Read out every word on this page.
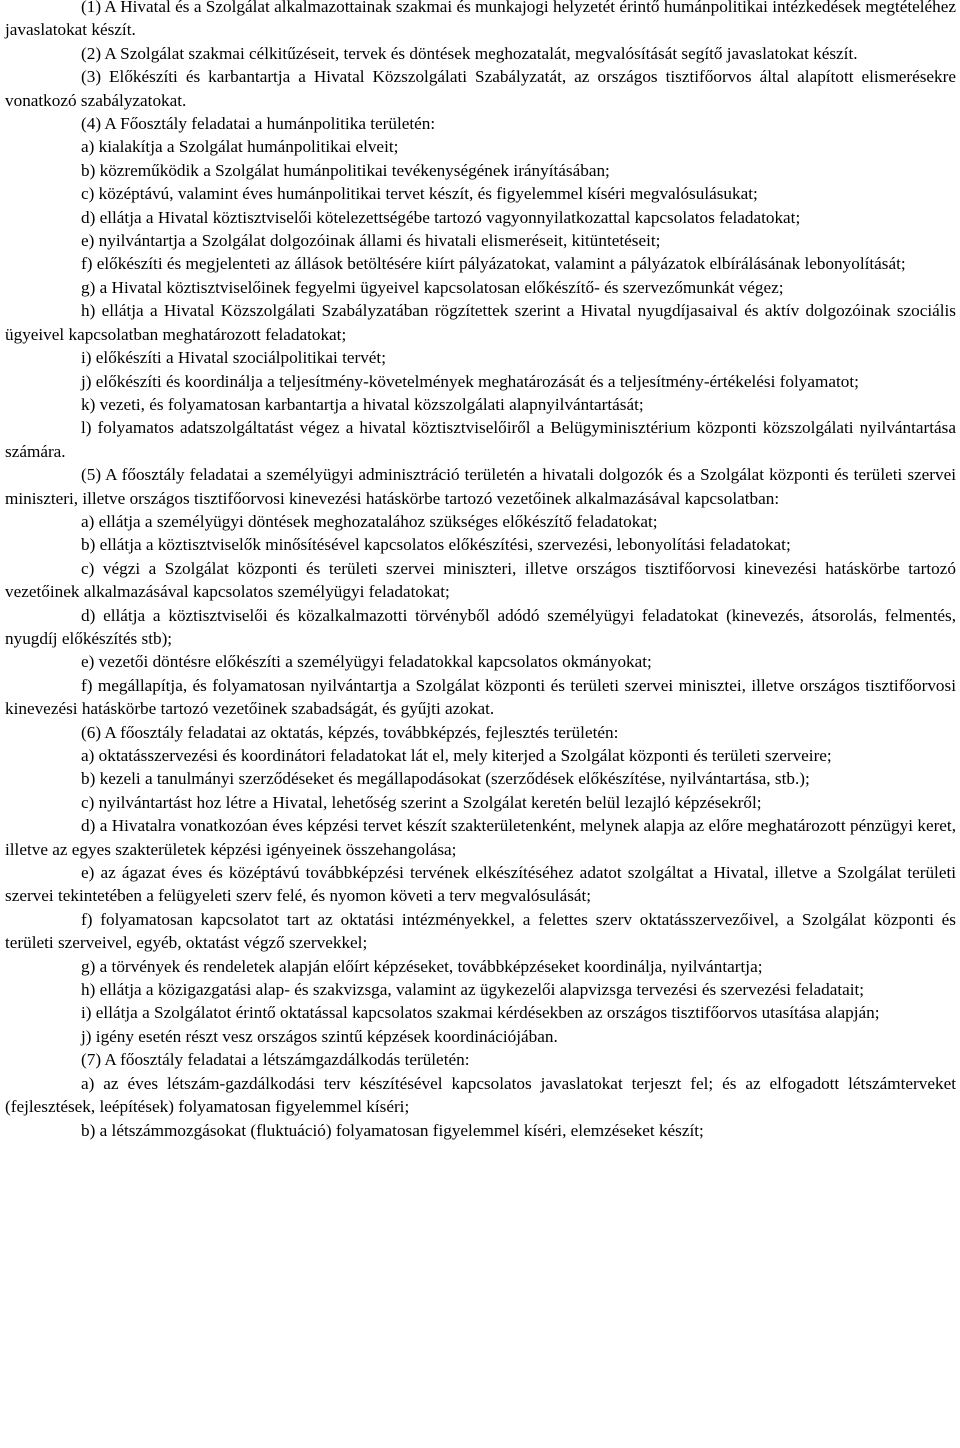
(1) A Hivatal és a Szolgálat alkalmazottainak szakmai és munkajogi helyzetét érintő humánpolitikai intézkedések megtételéhez javaslatokat készít.

(2) A Szolgálat szakmai célkitűzéseit, tervek és döntések meghozatalát, megvalósítását segítő javaslatokat készít.

(3) Előkészíti és karbantartja a Hivatal Közszolgálati Szabályzatát, az országos tisztifőorvos által alapított elismerésekre vonatkozó szabályzatokat.

(4) A Főosztály feladatai a humánpolitika területén:

a) kialakítja a Szolgálat humánpolitikai elveit;

b) közreműködik a Szolgálat humánpolitikai tevékenységének irányításában;

c) középtávú, valamint éves humánpolitikai tervet készít, és figyelemmel kíséri megvalósulásukat;

d) ellátja a Hivatal köztisztviselői kötelezettségébe tartozó vagyonnyilatkozattal kapcsolatos feladatokat;

e) nyilvántartja a Szolgálat dolgozóinak állami és hivatali elismeréseit, kitüntetéseit;

f) előkészíti és megjelenteti az állások betöltésére kiírt pályázatokat, valamint a pályázatok elbírálásának lebonyolítását;

g) a Hivatal köztisztviselőinek fegyelmi ügyeivel kapcsolatosan előkészítő- és szervezőmunkát végez;

h) ellátja a Hivatal Közszolgálati Szabályzatában rögzítettek szerint a Hivatal nyugdíjasaival és aktív dolgozóinak szociális ügyeivel kapcsolatban meghatározott feladatokat;

i) előkészíti a Hivatal szociálpolitikai tervét;

j) előkészíti és koordinálja a teljesítmény-követelmények meghatározását és a teljesítmény-értékelési folyamatot;

k) vezeti, és folyamatosan karbantartja a hivatal közszolgálati alapnyilvántartását;

l) folyamatos adatszolgáltatást végez a hivatal köztisztviselőiről a Belügyminisztérium központi közszolgálati nyilvántartása számára.

(5) A főosztály feladatai a személyügyi adminisztráció területén a hivatali dolgozók és a Szolgálat központi és területi szervei miniszteri, illetve országos tisztifőorvosi kinevezési hatáskörbe tartozó vezetőinek alkalmazásával kapcsolatban:

a) ellátja a személyügyi döntések meghozatalához szükséges előkészítő feladatokat;

b) ellátja a köztisztviselők minősítésével kapcsolatos előkészítési, szervezési, lebonyolítási feladatokat;

c) végzi a Szolgálat központi és területi szervei miniszteri, illetve országos tisztifőorvosi kinevezési hatáskörbe tartozó vezetőinek alkalmazásával kapcsolatos személyügyi feladatokat;

d) ellátja a köztisztviselői és közalkalmazotti törvényből adódó személyügyi feladatokat (kinevezés, átsorolás, felmentés, nyugdíj előkészítés stb);

e) vezetői döntésre előkészíti a személyügyi feladatokkal kapcsolatos okmányokat;

f) megállapítja, és folyamatosan nyilvántartja a Szolgálat központi és területi szervei minisztei, illetve országos tisztifőorvosi kinevezési hatáskörbe tartozó vezetőinek szabadságát, és gyűjti azokat.

(6) A főosztály feladatai az oktatás, képzés, továbbképzés, fejlesztés területén:

a) oktatásszervezési és koordinátori feladatokat lát el, mely kiterjed a Szolgálat központi és területi szerveire;

b) kezeli a tanulmányi szerződéseket és megállapodásokat (szerződések előkészítése, nyilvántartása, stb.);

c) nyilvántartást hoz létre a Hivatal, lehetőség szerint a Szolgálat keretén belül lezajló képzésekről;

d) a Hivatalra vonatkozóan éves képzési tervet készít szakterületenként, melynek alapja az előre meghatározott pénzügyi keret, illetve az egyes szakterületek képzési igényeinek összehangolása;

e) az ágazat éves és középtávú továbbképzési tervének elkészítéséhez adatot szolgáltat a Hivatal, illetve a Szolgálat területi szervei tekintetében a felügyeleti szerv felé, és nyomon követi a terv megvalósulását;

f) folyamatosan kapcsolatot tart az oktatási intézményekkel, a felettes szerv oktatásszervezőivel, a Szolgálat központi és területi szerveivel, egyéb, oktatást végző szervekkel;

g) a törvények és rendeletek alapján előírt képzéseket, továbbképzéseket koordinálja, nyilvántartja;

h) ellátja a közigazgatási alap- és szakvizsga, valamint az ügykezelői alapvizsga tervezési és szervezési feladatait;

i) ellátja a Szolgálatot érintő oktatással kapcsolatos szakmai kérdésekben az országos tisztifőorvos utasítása alapján;

j) igény esetén részt vesz országos szintű képzések koordinációjában.

(7) A főosztály feladatai a létszámgazdálkodás területén:

a) az éves létszám-gazdálkodási terv készítésével kapcsolatos javaslatokat terjeszt fel; és az elfogadott létszámterveket (fejlesztések, leépítések) folyamatosan figyelemmel kíséri;

b) a létszámmozgásokat (fluktuáció) folyamatosan figyelemmel kíséri, elemzéseket készít;
